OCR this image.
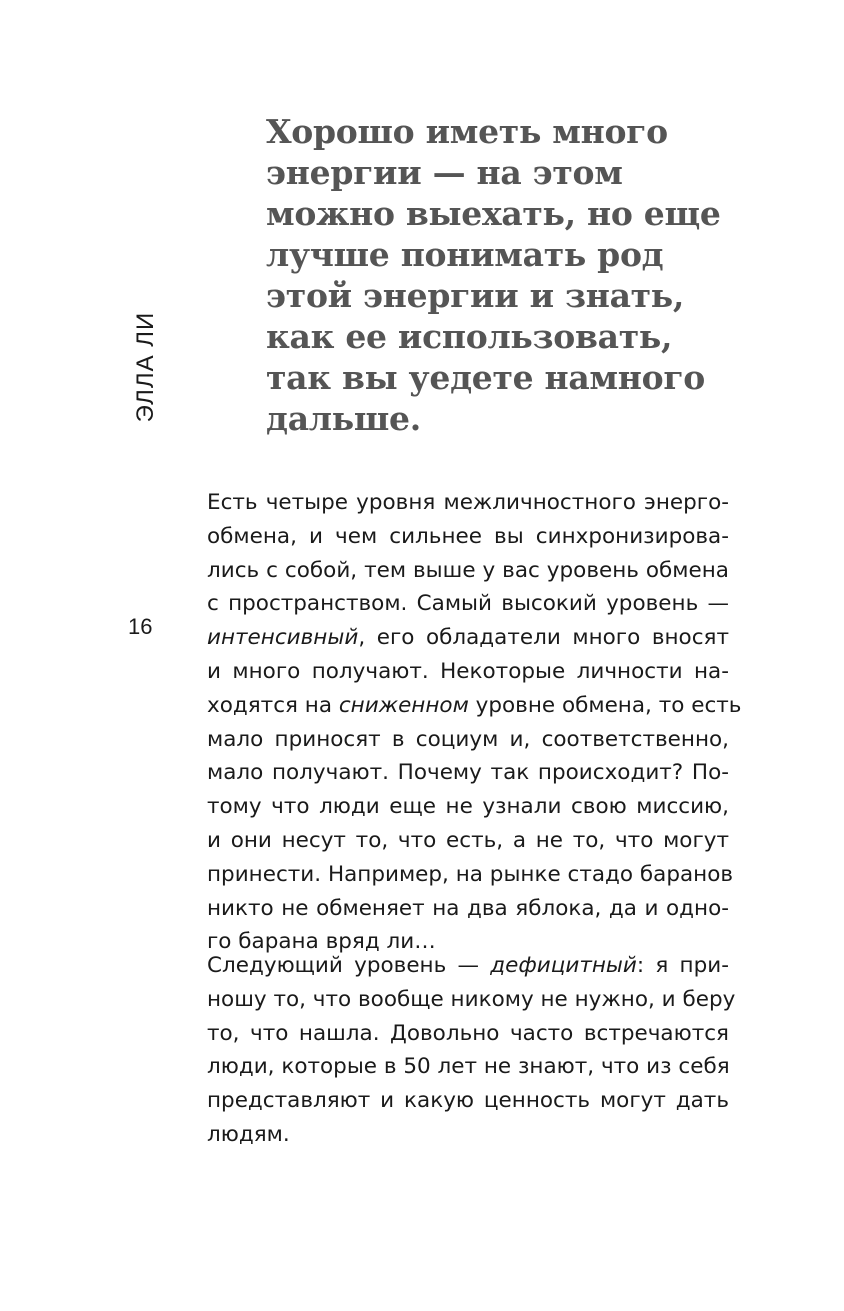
ЭЛЛА ЛИ
16
Хорошо иметь много
энергии — на этом
можно выехать, но еще
лучше понимать род
этой энергии и знать,
как ее использовать,
так вы уедете намного
дальше.
Есть четыре уровня межличностного энерго-
обмена, и чем сильнее вы синхронизирова-
лись с собой, тем выше у вас уровень обмена
с пространством. Самый высокий уровень —
интенсивный, его обладатели много вносят
и много получают. Некоторые личности на-
ходятся на сниженном уровне обмена, то есть
мало приносят в социум и, соответственно,
мало получают. Почему так происходит? По-
тому что люди еще не узнали свою миссию,
и они несут то, что есть, а не то, что могут
принести. Например, на рынке стадо баранов
никто не обменяет на два яблока, да и одно-
го барана вряд ли…
Следующий уровень — дефицитный: я при-
ношу то, что вообще никому не нужно, и беру
то, что нашла. Довольно часто встречаются
люди, которые в 50 лет не знают, что из себя
представляют и какую ценность могут дать
людям.
